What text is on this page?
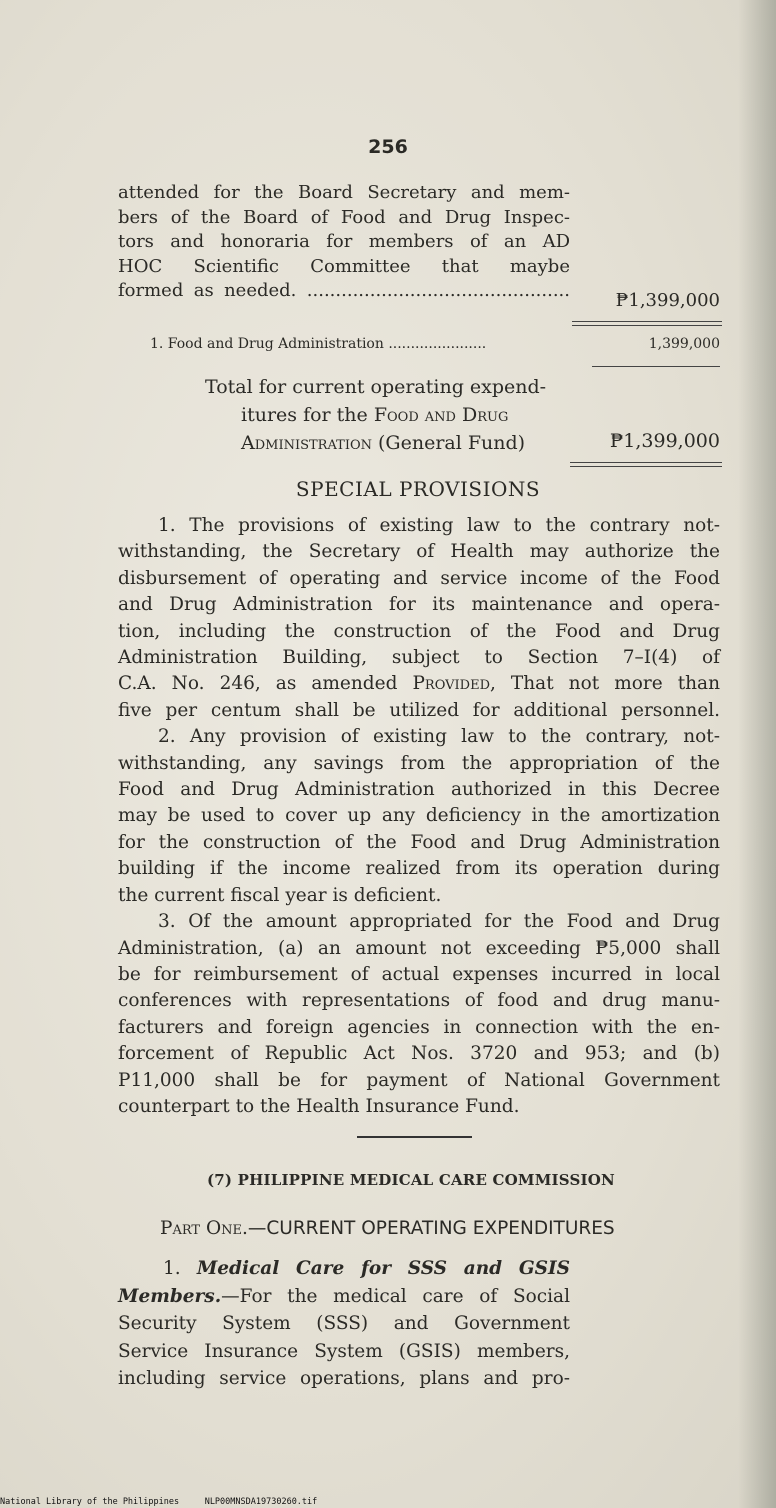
256
attended for the Board Secretary and mem-
bers of the Board of Food and Drug Inspec-
tors and honoraria for members of an AD
HOC Scientific Committee that maybe
formed as needed. ..............................................	₱1,399,000
1. Food and Drug Administration ......................	1,399,000
Total for current operating expend-
itures for the Food and Drug
Administration (General Fund)	₱1,399,000
SPECIAL PROVISIONS

1. The provisions of existing law to the contrary not-
withstanding, the Secretary of Health may authorize the
disbursement of operating and service income of the Food
and Drug Administration for its maintenance and opera-
tion, including the construction of the Food and Drug
Administration Building, subject to Section 7–I(4) of
C.A. No. 246, as amended Provided, That not more than
five per centum shall be utilized for additional personnel.

2. Any provision of existing law to the contrary, not-
withstanding, any savings from the appropriation of the
Food and Drug Administration authorized in this Decree
may be used to cover up any deficiency in the amortization
for the construction of the Food and Drug Administration
building if the income realized from its operation during
the current fiscal year is deficient.

3. Of the amount appropriated for the Food and Drug
Administration, (a) an amount not exceeding ₱5,000 shall
be for reimbursement of actual expenses incurred in local
conferences with representations of food and drug manu-
facturers and foreign agencies in connection with the en-
forcement of Republic Act Nos. 3720 and 953; and (b)
P11,000 shall be for payment of National Government
counterpart to the Health Insurance Fund.

(7) PHILIPPINE MEDICAL CARE COMMISSION
Part One.—CURRENT OPERATING EXPENDITURES
1. Medical Care for SSS and GSIS
Members.—For the medical care of Social
Security System (SSS) and Government
Service Insurance System (GSIS) members,
including service operations, plans and pro-
National Library of the Philippines     NLP00MNSDA19730260.tif
